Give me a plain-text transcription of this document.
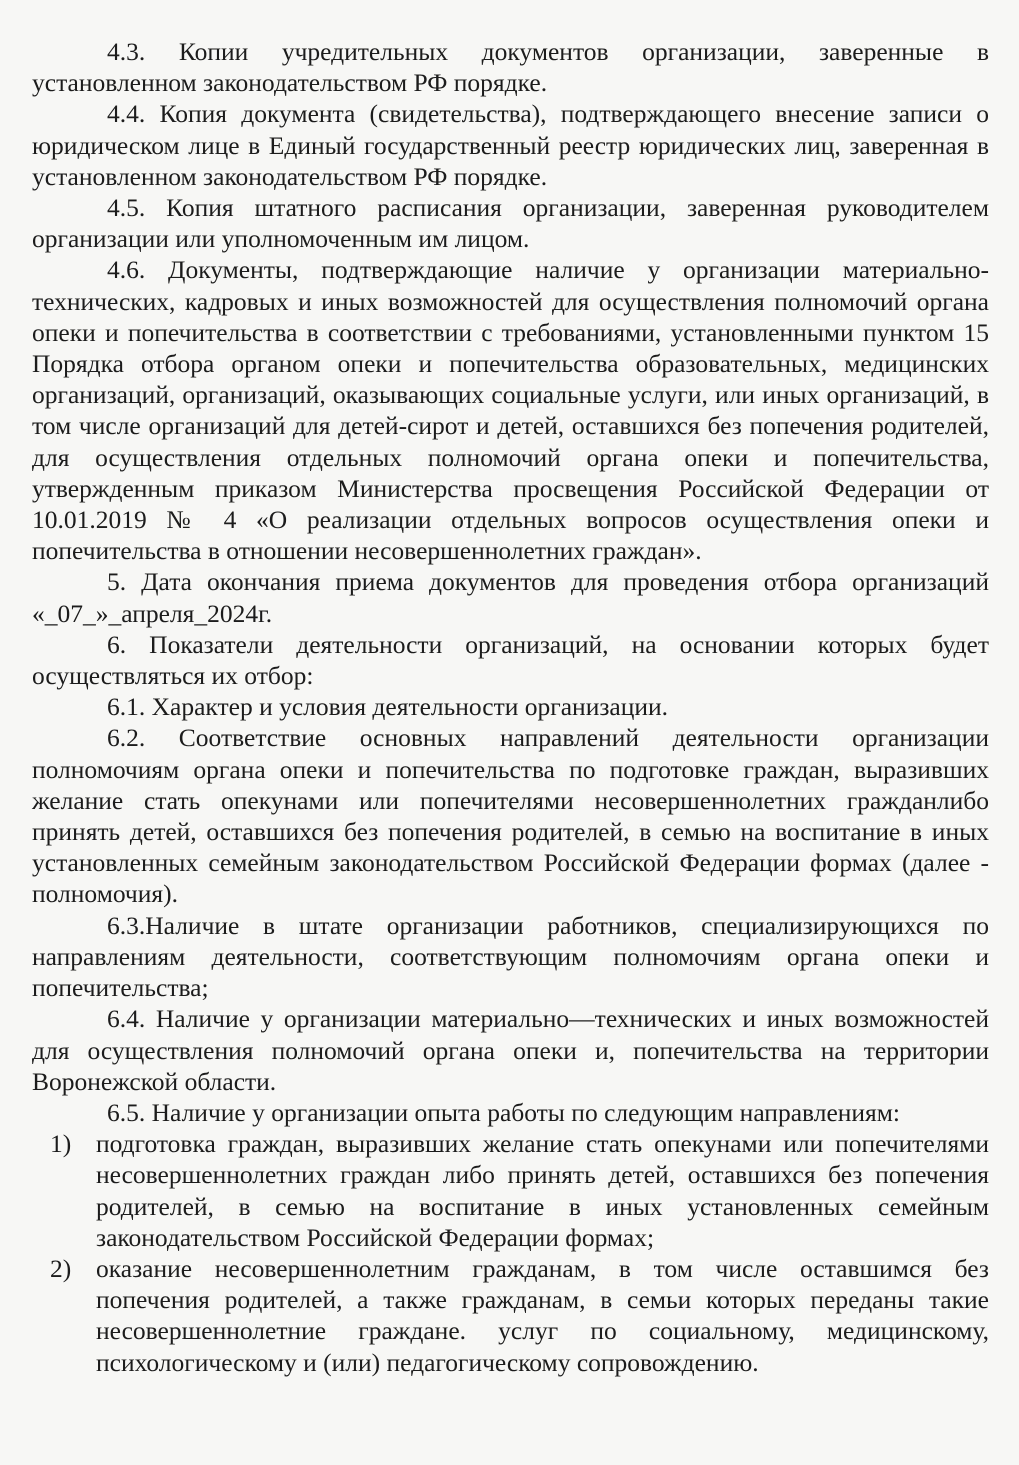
4.3. Копии учредительных документов организации, заверенные в установленном законодательством РФ порядке.

4.4. Копия документа (свидетельства), подтверждающего внесение записи о юридическом лице в Единый государственный реестр юридических лиц, заверенная в установленном законодательством РФ порядке.

4.5. Копия штатного расписания организации, заверенная руководителем организации или уполномоченным им лицом.

4.6. Документы, подтверждающие наличие у организации материально-технических, кадровых и иных возможностей для осуществления полномочий органа опеки и попечительства в соответствии с требованиями, установленными пунктом 15 Порядка отбора органом опеки и попечительства образовательных, медицинских организаций, организаций, оказывающих социальные услуги, или иных организаций, в том числе организаций для детей-сирот и детей, оставшихся без попечения родителей, для осуществления отдельных полномочий органа опеки и попечительства, утвержденным приказом Министерства просвещения Российской Федерации от 10.01.2019 № 4 «О реализации отдельных вопросов осуществления опеки и попечительства в отношении несовершеннолетних граждан».

5. Дата окончания приема документов для проведения отбора организаций «_07_»_апреля_2024г.

6. Показатели деятельности организаций, на основании которых будет осуществляться их отбор:

6.1. Характер и условия деятельности организации.

6.2. Соответствие основных направлений деятельности организации полномочиям органа опеки и попечительства по подготовке граждан, выразивших желание стать опекунами или попечителями несовершеннолетних гражданлибо принять детей, оставшихся без попечения родителей, в семью на воспитание в иных установленных семейным законодательством Российской Федерации формах (далее - полномочия).

6.3.Наличие в штате организации работников, специализирующихся по направлениям деятельности, соответствующим полномочиям органа опеки и попечительства;

6.4. Наличие у организации материально—технических и иных возможностей для осуществления полномочий органа опеки и, попечительства на территории Воронежской области.

6.5. Наличие у организации опыта работы по следующим направлениям:

1) подготовка граждан, выразивших желание стать опекунами или попечителями несовершеннолетних граждан либо принять детей, оставшихся без попечения родителей, в семью на воспитание в иных установленных семейным законодательством Российской Федерации формах;
2) оказание несовершеннолетним гражданам, в том числе оставшимся без попечения родителей, а также гражданам, в семьи которых переданы такие несовершеннолетние граждане. услуг по социальному, медицинскому, психологическому и (или) педагогическому сопровождению.
